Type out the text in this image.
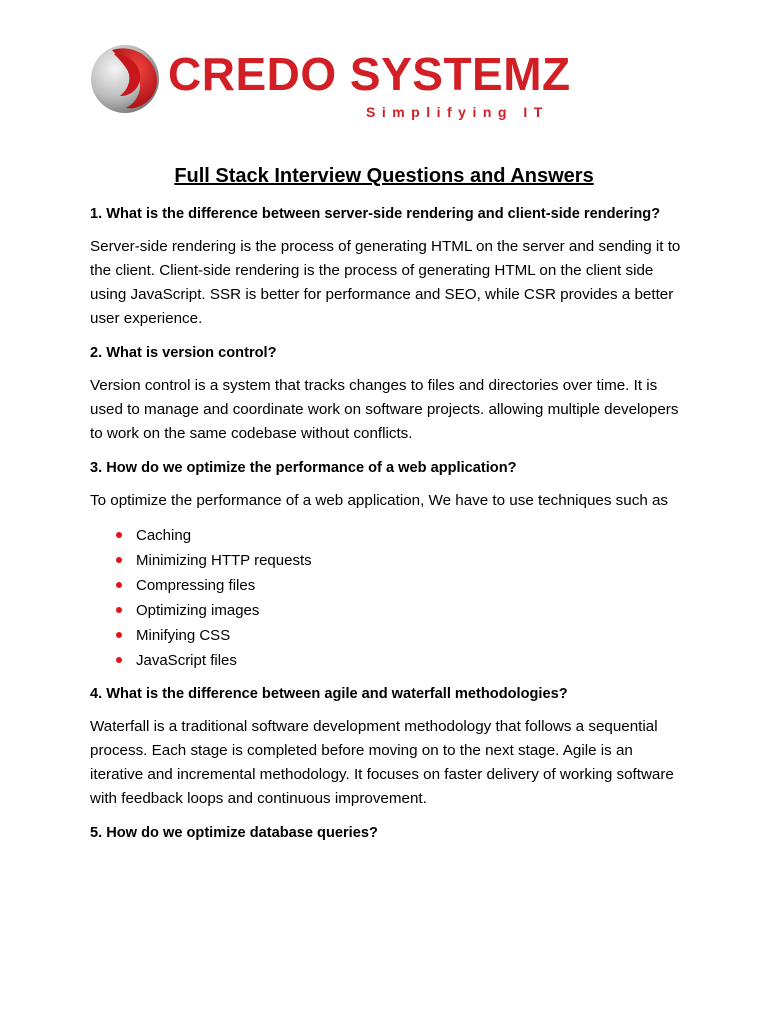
CREDO SYSTEMZ
Simplifying IT
Full Stack Interview Questions and Answers
1. What is the difference between server-side rendering and client-side rendering?
Server-side rendering is the process of generating HTML on the server and sending it to the client. Client-side rendering is the process of generating HTML on the client side using JavaScript. SSR is better for performance and SEO, while CSR provides a better user experience.
2. What is version control?
Version control is a system that tracks changes to files and directories over time. It is used to manage and coordinate work on software projects. allowing multiple developers to work on the same codebase without conflicts.
3. How do we optimize the performance of a web application?
To optimize the performance of a web application, We have to use techniques such as
Caching
Minimizing HTTP requests
Compressing files
Optimizing images
Minifying CSS
JavaScript files
4. What is the difference between agile and waterfall methodologies?
Waterfall is a traditional software development methodology that follows a sequential process. Each stage is completed before moving on to the next stage. Agile is an iterative and incremental methodology. It focuses on faster delivery of working software with feedback loops and continuous improvement.
5. How do we optimize database queries?
